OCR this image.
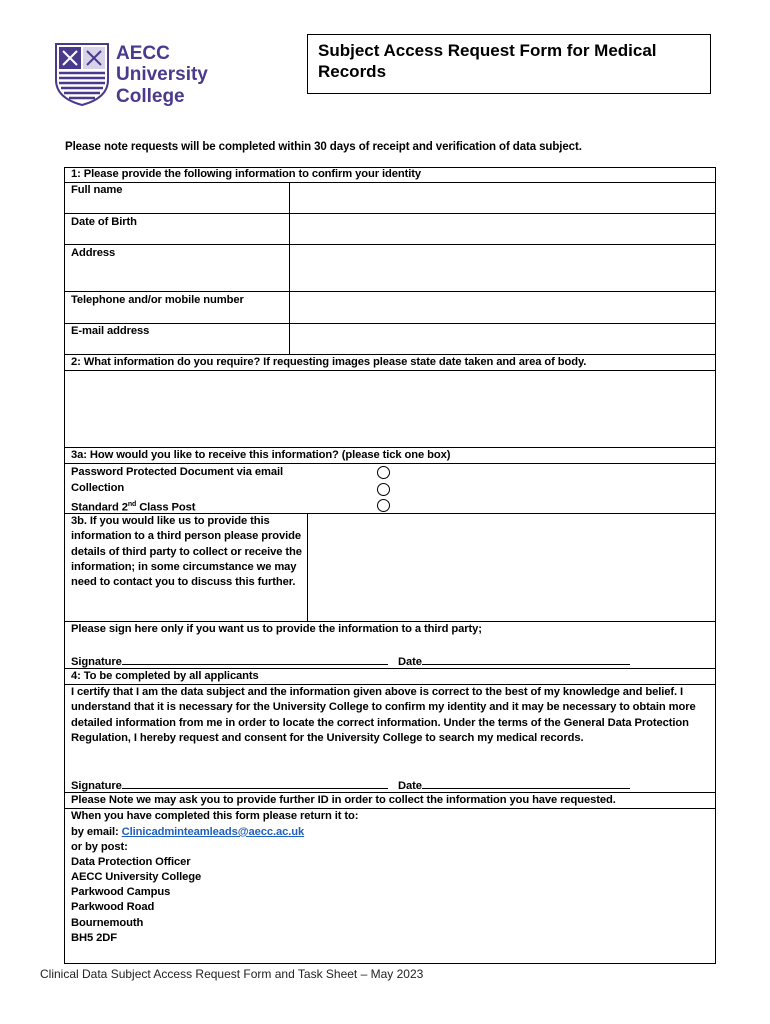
AECC
University College
Subject Access Request Form for Medical Records
Please note requests will be completed within 30 days of receipt and verification of data subject.
1: Please provide the following information to confirm your identity
Full name
Date of Birth
Address
Telephone and/or mobile number
E-mail address
2: What information do you require? If requesting images please state date taken and area of body.
3a: How would you like to receive this information? (please tick one box)
Password Protected Document via email
Collection
Standard 2nd Class Post
3b. If you would like us to provide this information to a third person please provide details of third party to collect or receive the information; in some circumstance we may need to contact you to discuss this further.
Please sign here only if you want us to provide the information to a third party;
Signature	Date
4: To be completed by all applicants
I certify that I am the data subject and the information given above is correct to the best of my knowledge and belief. I understand that it is necessary for the University College to confirm my identity and it may be necessary to obtain more detailed information from me in order to locate the correct information. Under the terms of the General Data Protection Regulation, I hereby request and consent for the University College to search my medical records.
Signature	Date
Please Note we may ask you to provide further ID in order to collect the information you have requested.
When you have completed this form please return it to:
by email: Clinicadminteamleads@aecc.ac.uk
or by post:
Data Protection Officer
AECC University College
Parkwood Campus
Parkwood Road
Bournemouth
BH5 2DF
Clinical Data Subject Access Request Form and Task Sheet – May 2023
